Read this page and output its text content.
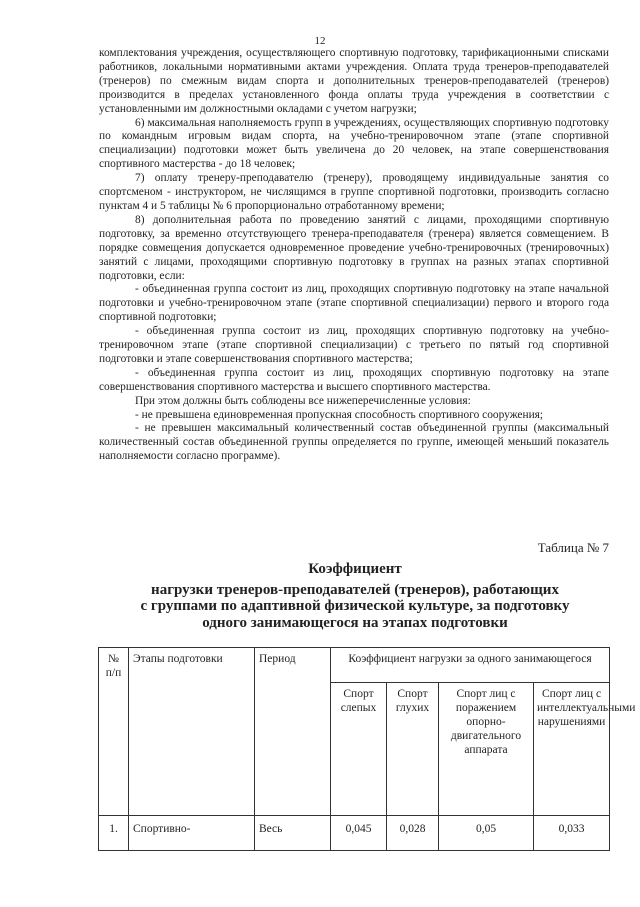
12

комплектования учреждения, осуществляющего спортивную подготовку, тарификационными списками работников, локальными нормативными актами учреждения. Оплата труда тренеров-преподавателей (тренеров) по смежным видам спорта и дополнительных тренеров-преподавателей (тренеров) производится в пределах установленного фонда оплаты труда учреждения в соответствии с установленными им должностными окладами с учетом нагрузки;

6) максимальная наполняемость групп в учреждениях, осуществляющих спортивную подготовку по командным игровым видам спорта, на учебно-тренировочном этапе (этапе спортивной специализации) подготовки может быть увеличена до 20 человек, на этапе совершенствования спортивного мастерства - до 18 человек;

7) оплату тренеру-преподавателю (тренеру), проводящему индивидуальные занятия со спортсменом - инструктором, не числящимся в группе спортивной подготовки, производить согласно пунктам 4 и 5 таблицы № 6 пропорционально отработанному времени;

8) дополнительная работа по проведению занятий с лицами, проходящими спортивную подготовку, за временно отсутствующего тренера-преподавателя (тренера) является совмещением. В порядке совмещения допускается одновременное проведение учебно-тренировочных (тренировочных) занятий с лицами, проходящими спортивную подготовку в группах на разных этапах спортивной подготовки, если:

- объединенная группа состоит из лиц, проходящих спортивную подготовку на этапе начальной подготовки и учебно-тренировочном этапе (этапе спортивной специализации) первого и второго года спортивной подготовки;

- объединенная группа состоит из лиц, проходящих спортивную подготовку на учебно-тренировочном этапе (этапе спортивной специализации) с третьего по пятый год спортивной подготовки и этапе совершенствования спортивного мастерства;

- объединенная группа состоит из лиц, проходящих спортивную подготовку на этапе совершенствования спортивного мастерства и высшего спортивного мастерства.

При этом должны быть соблюдены все нижеперечисленные условия:

- не превышена единовременная пропускная способность спортивного сооружения;

- не превышен максимальный количественный состав объединенной группы (максимальный количественный состав объединенной группы определяется по группе, имеющей меньший показатель наполняемости согласно программе).

Таблица № 7
Коэффициент
нагрузки тренеров-преподавателей (тренеров), работающих
с группами по адаптивной физической культуре, за подготовку
одного занимающегося на этапах подготовки
№ п/п	Этапы подготовки	Период	Коэффициент нагрузки за одного занимающегося			
			Спорт слепых	Спорт глухих	Спорт лиц с поражением опорно-двигательного аппарата	Спорт лиц с интеллектуальными нарушениями
1.	Спортивно-	Весь	0,045	0,028	0,05	0,033
